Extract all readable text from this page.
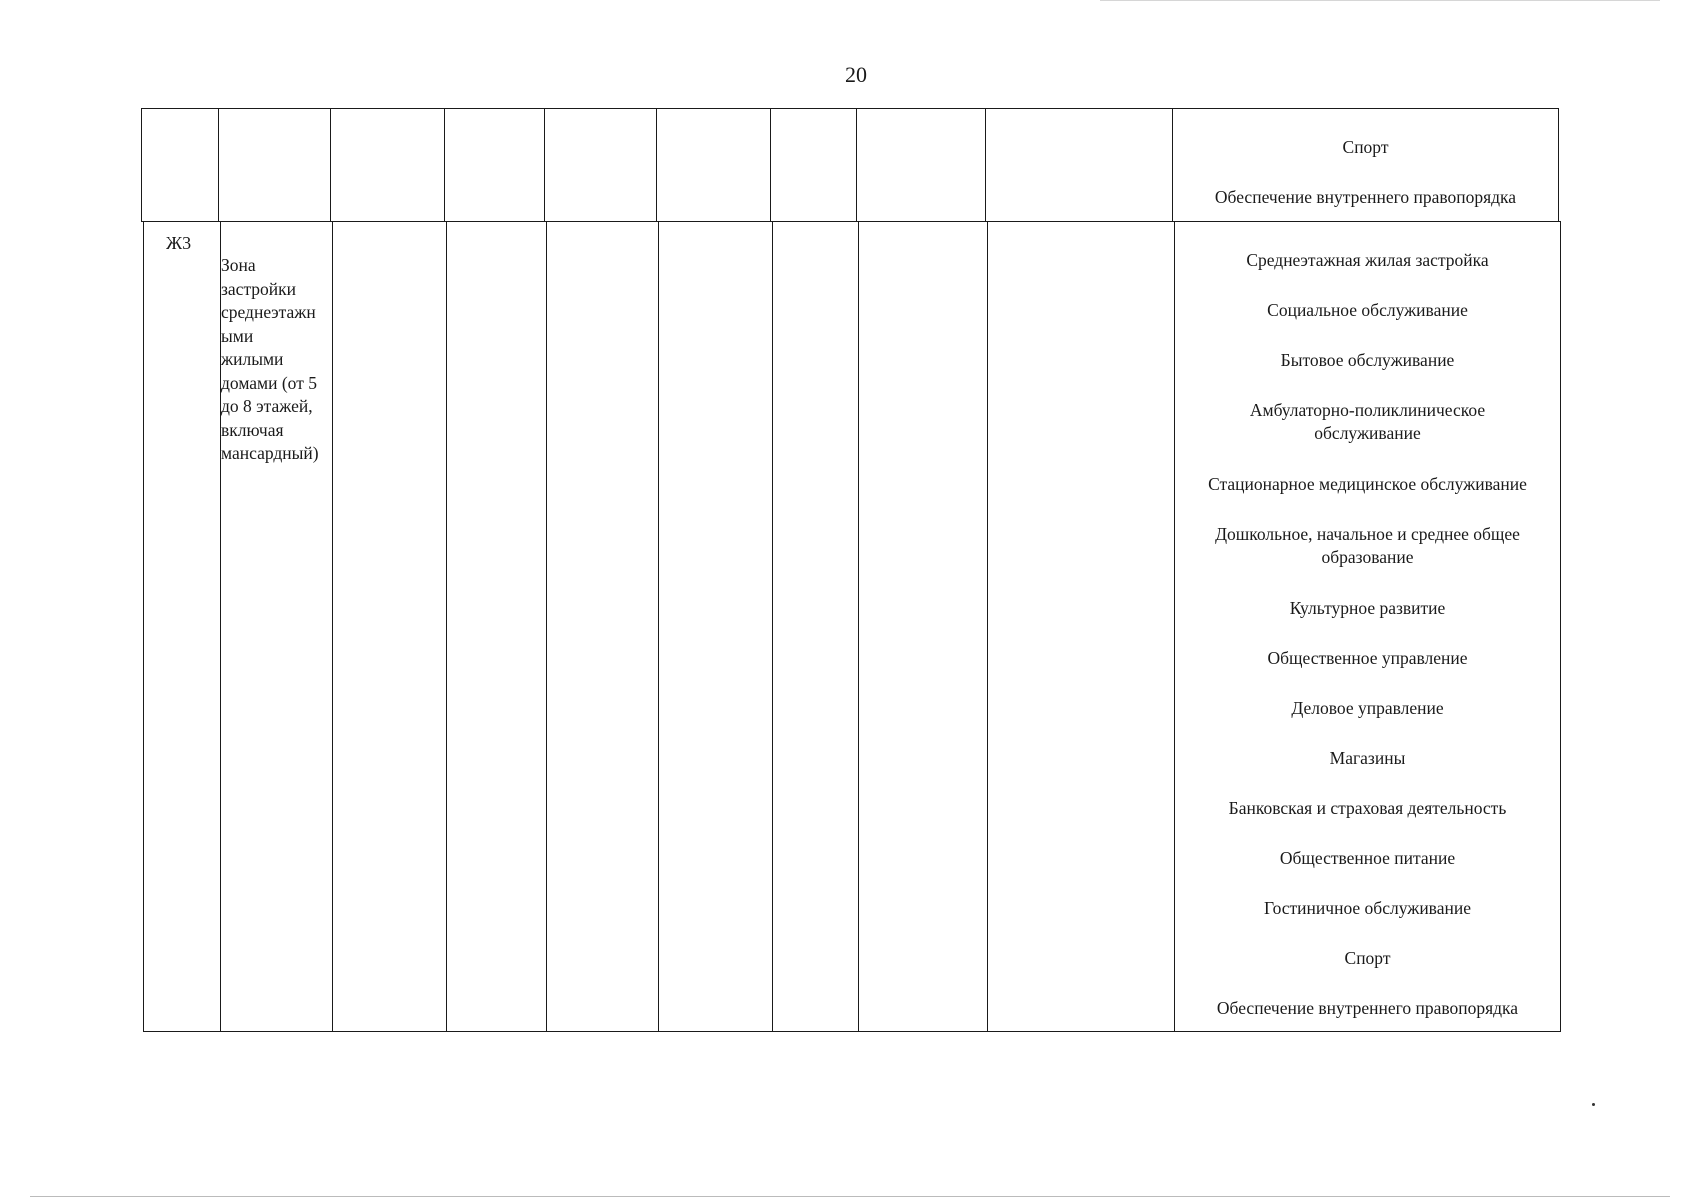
20
Спорт
Обеспечение внутреннего правопорядка
Ж3
Зона
застройки
среднеэтажн
ыми
жилыми
домами (от 5
до 8 этажей,
включая
мансардный)
Среднеэтажная жилая застройка
Социальное обслуживание
Бытовое обслуживание
Амбулаторно-поликлиническое обслуживание
Стационарное медицинское обслуживание
Дошкольное, начальное и среднее общее образование
Культурное развитие
Общественное управление
Деловое управление
Магазины
Банковская и страховая деятельность
Общественное питание
Гостиничное обслуживание
Спорт
Обеспечение внутреннего правопорядка
